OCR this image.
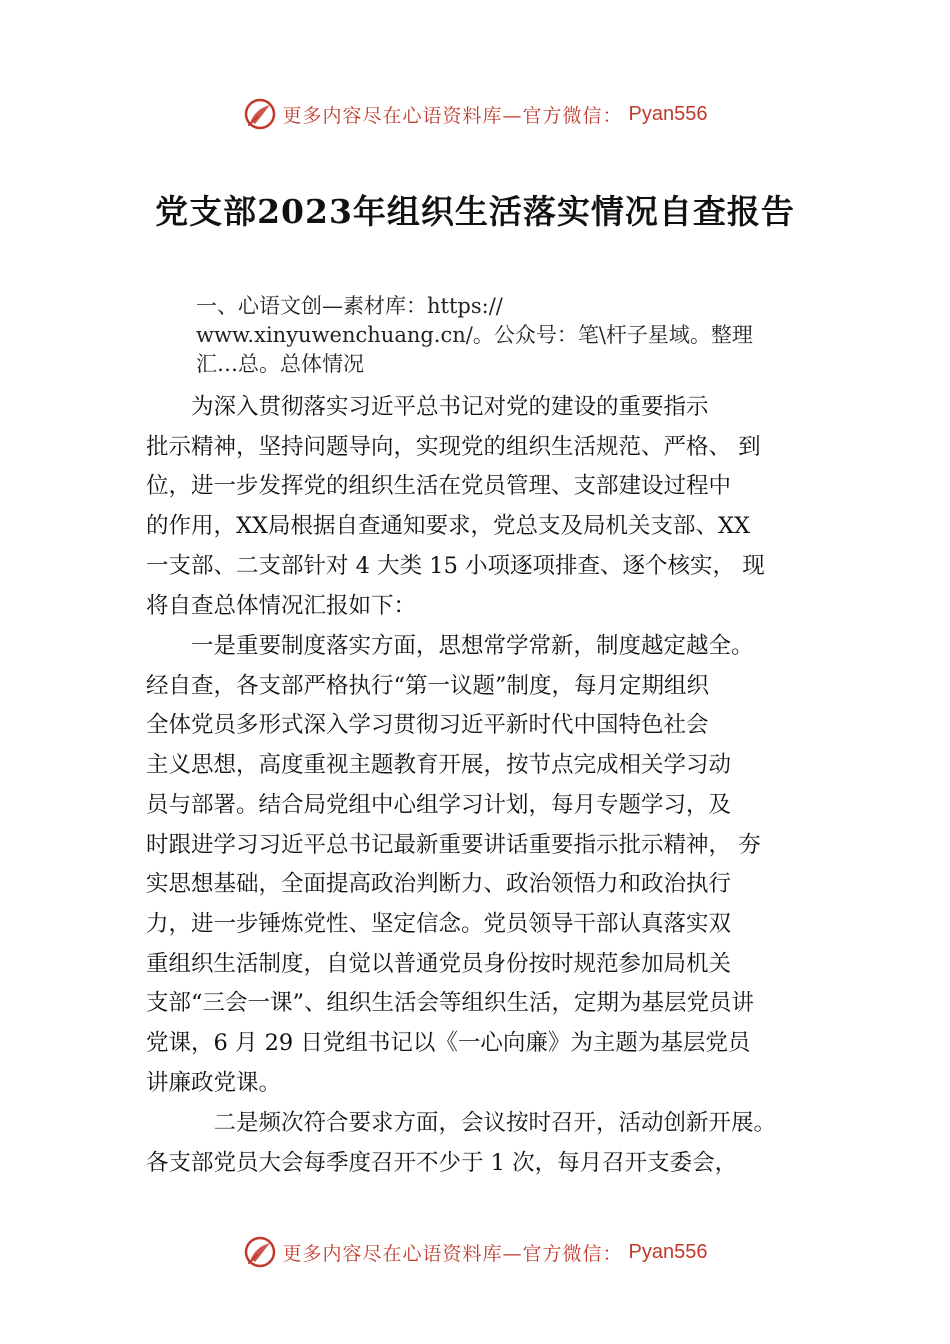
更多内容尽在心语资料库—官方微信： Pyan556
党支部2023年组织生活落实情况自查报告
一、心语文创—素材库：https://
www.xinyuwenchuang.cn/。公众号：笔\杆子星域。整理
汇…总。总体情况
　　为深入贯彻落实习近平总书记对党的建设的重要指示
批示精神，坚持问题导向，实现党的组织生活规范、严格、 到
位，进一步发挥党的组织生活在党员管理、支部建设过程中
的作用，XX局根据自查通知要求，党总支及局机关支部、XX
一支部、二支部针对 4 大类 15 小项逐项排查、逐个核实， 现
将自查总体情况汇报如下：
　　一是重要制度落实方面，思想常学常新，制度越定越全。
经自查，各支部严格执行“第一议题”制度，每月定期组织
全体党员多形式深入学习贯彻习近平新时代中国特色社会
主义思想，高度重视主题教育开展，按节点完成相关学习动
员与部署。结合局党组中心组学习计划，每月专题学习，及
时跟进学习习近平总书记最新重要讲话重要指示批示精神， 夯
实思想基础，全面提高政治判断力、政治领悟力和政治执行
力，进一步锤炼党性、坚定信念。党员领导干部认真落实双
重组织生活制度，自觉以普通党员身份按时规范参加局机关
支部“三会一课”、组织生活会等组织生活，定期为基层党员讲
党课，6 月 29 日党组书记以《一心向廉》为主题为基层党员
讲廉政党课。
　　　二是频次符合要求方面，会议按时召开，活动创新开展。
各支部党员大会每季度召开不少于 1 次，每月召开支委会，
更多内容尽在心语资料库—官方微信： Pyan556
